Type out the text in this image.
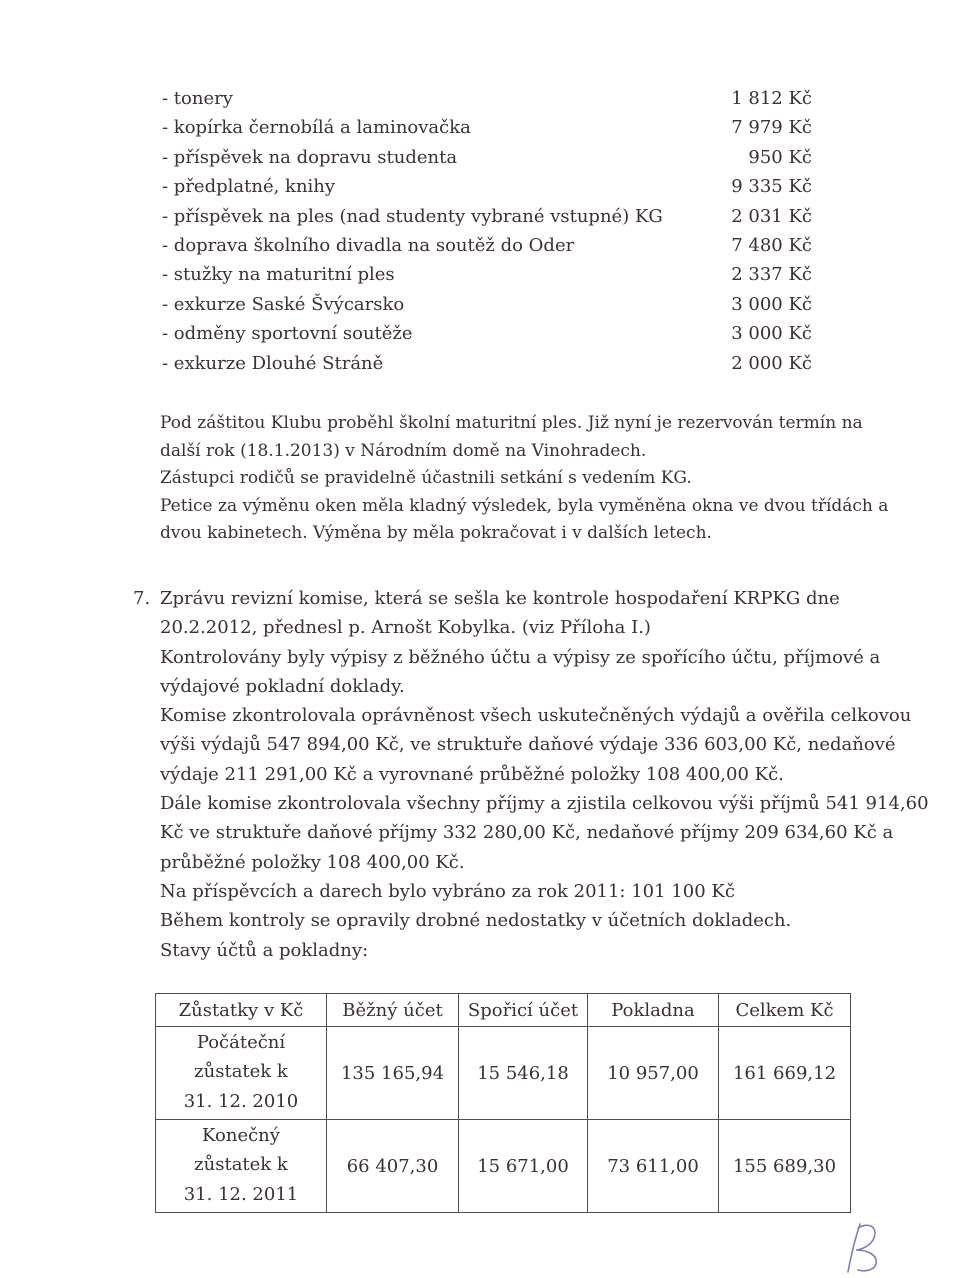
- tonery	1 812 Kč
- kopírka černobílá a laminovačka	7 979 Kč
- příspěvek na dopravu studenta	950 Kč
- předplatné, knihy	9 335 Kč
- příspěvek na ples (nad studenty vybrané vstupné) KG	2 031 Kč
- doprava školního divadla na soutěž do Oder	7 480 Kč
- stužky na maturitní ples	2 337 Kč
- exkurze Saské Švýcarsko	3 000 Kč
- odměny sportovní soutěže	3 000 Kč
- exkurze Dlouhé Stráně	2 000 Kč

Pod záštitou Klubu proběhl školní maturitní ples. Již nyní je rezervován termín na
další rok (18.1.2013) v Národním domě na Vinohradech.
Zástupci rodičů se pravidelně účastnili setkání s vedením KG.
Petice za výměnu oken měla kladný výsledek, byla vyměněna okna ve dvou třídách a
dvou kabinetech. Výměna by měla pokračovat i v dalších letech.

7. Zprávu revizní komise, která se sešla ke kontrole hospodaření KRPKG dne
20.2.2012, přednesl p. Arnošt Kobylka. (viz Příloha I.)
Kontrolovány byly výpisy z běžného účtu a výpisy ze spořícího účtu, příjmové a
výdajové pokladní doklady.
Komise zkontrolovala oprávněnost všech uskutečněných výdajů a ověřila celkovou
výši výdajů 547 894,00 Kč, ve struktuře daňové výdaje 336 603,00 Kč, nedaňové
výdaje 211 291,00 Kč a vyrovnané průběžné položky 108 400,00 Kč.
Dále komise zkontrolovala všechny příjmy a zjistila celkovou výši příjmů 541 914,60
Kč ve struktuře daňové příjmy 332 280,00 Kč, nedaňové příjmy 209 634,60 Kč a
průběžné položky 108 400,00 Kč.
Na příspěvcích a darech bylo vybráno za rok 2011: 101 100 Kč
Během kontroly se opravily drobné nedostatky v účetních dokladech.
Stavy účtů a pokladny:
Zůstatky v Kč	Běžný účet	Spořicí účet	Pokladna	Celkem Kč

Počáteční
zůstatek k
31. 12. 2010	135 165,94	15 546,18	10 957,00	161 669,12

Konečný
zůstatek k
31. 12. 2011	66 407,30	15 671,00	73 611,00	155 689,30
